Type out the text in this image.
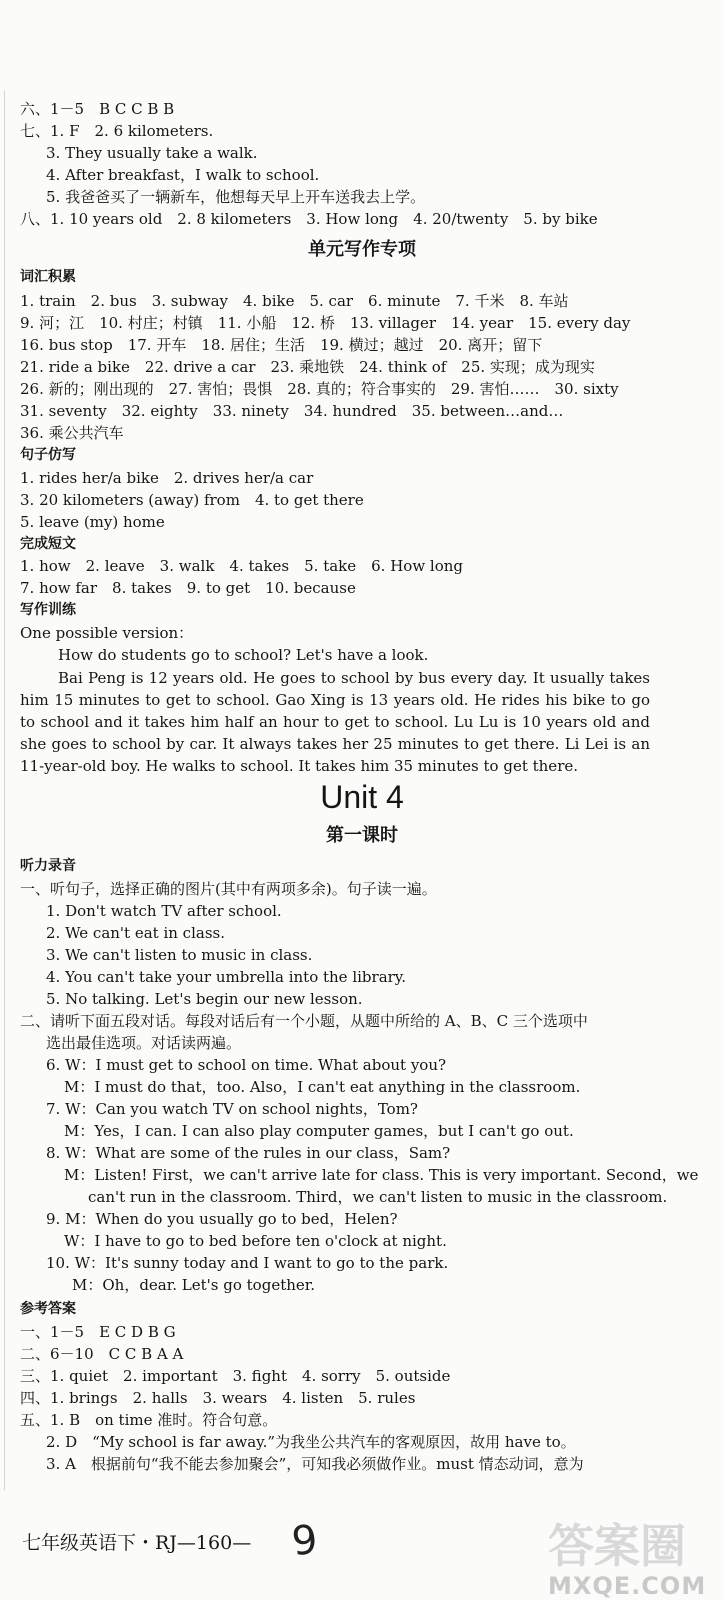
六、1－5　B C C B B
七、1. F　2. 6 kilometers.
3. They usually take a walk.
4. After breakfast，I walk to school.
5. 我爸爸买了一辆新车，他想每天早上开车送我去上学。
八、1. 10 years old　2. 8 kilometers　3. How long　4. 20/twenty　5. by bike
单元写作专项
词汇积累
1. train　2. bus　3. subway　4. bike　5. car　6. minute　7. 千米　8. 车站
9. 河；江　10. 村庄；村镇　11. 小船　12. 桥　13. villager　14. year　15. every day
16. bus stop　17. 开车　18. 居住；生活　19. 横过；越过　20. 离开；留下
21. ride a bike　22. drive a car　23. 乘地铁　24. think of　25. 实现；成为现实
26. 新的；刚出现的　27. 害怕；畏惧　28. 真的；符合事实的　29. 害怕……　30. sixty
31. seventy　32. eighty　33. ninety　34. hundred　35. between…and…
36. 乘公共汽车
句子仿写
1. rides her/a bike　2. drives her/a car
3. 20 kilometers (away) from　4. to get there
5. leave (my) home
完成短文
1. how　2. leave　3. walk　4. takes　5. take　6. How long
7. how far　8. takes　9. to get　10. because
写作训练
One possible version：
How do students go to school? Let's have a look.
Bai Peng is 12 years old. He goes to school by bus every day. It usually takes him 15 minutes to get to school. Gao Xing is 13 years old. He rides his bike to go to school and it takes him half an hour to get to school. Lu Lu is 10 years old and she goes to school by car. It always takes her 25 minutes to get there. Li Lei is an 11-year-old boy. He walks to school. It takes him 35 minutes to get there.
Unit 4
第一课时
听力录音
一、听句子，选择正确的图片(其中有两项多余)。句子读一遍。
1. Don't watch TV after school.
2. We can't eat in class.
3. We can't listen to music in class.
4. You can't take your umbrella into the library.
5. No talking. Let's begin our new lesson.
二、请听下面五段对话。每段对话后有一个小题，从题中所给的 A、B、C 三个选项中
选出最佳选项。对话读两遍。
6. W：I must get to school on time. What about you?
M：I must do that，too. Also，I can't eat anything in the classroom.
7. W：Can you watch TV on school nights，Tom?
M：Yes，I can. I can also play computer games，but I can't go out.
8. W：What are some of the rules in our class，Sam?
M：Listen! First，we can't arrive late for class. This is very important. Second，we
can't run in the classroom. Third，we can't listen to music in the classroom.
9. M：When do you usually go to bed，Helen?
W：I have to go to bed before ten o'clock at night.
10. W：It's sunny today and I want to go to the park.
M：Oh，dear. Let's go together.
参考答案
一、1－5　E C D B G
二、6－10　C C B A A
三、1. quiet　2. important　3. fight　4. sorry　5. outside
四、1. brings　2. halls　3. wears　4. listen　5. rules
五、1. B　on time 准时。符合句意。
2. D　“My school is far away.”为我坐公共汽车的客观原因，故用 have to。
3. A　根据前句“我不能去参加聚会”，可知我必须做作业。must 情态动词，意为
七年级英语下・RJ—160— 9	答案圈
MXQE.COM
